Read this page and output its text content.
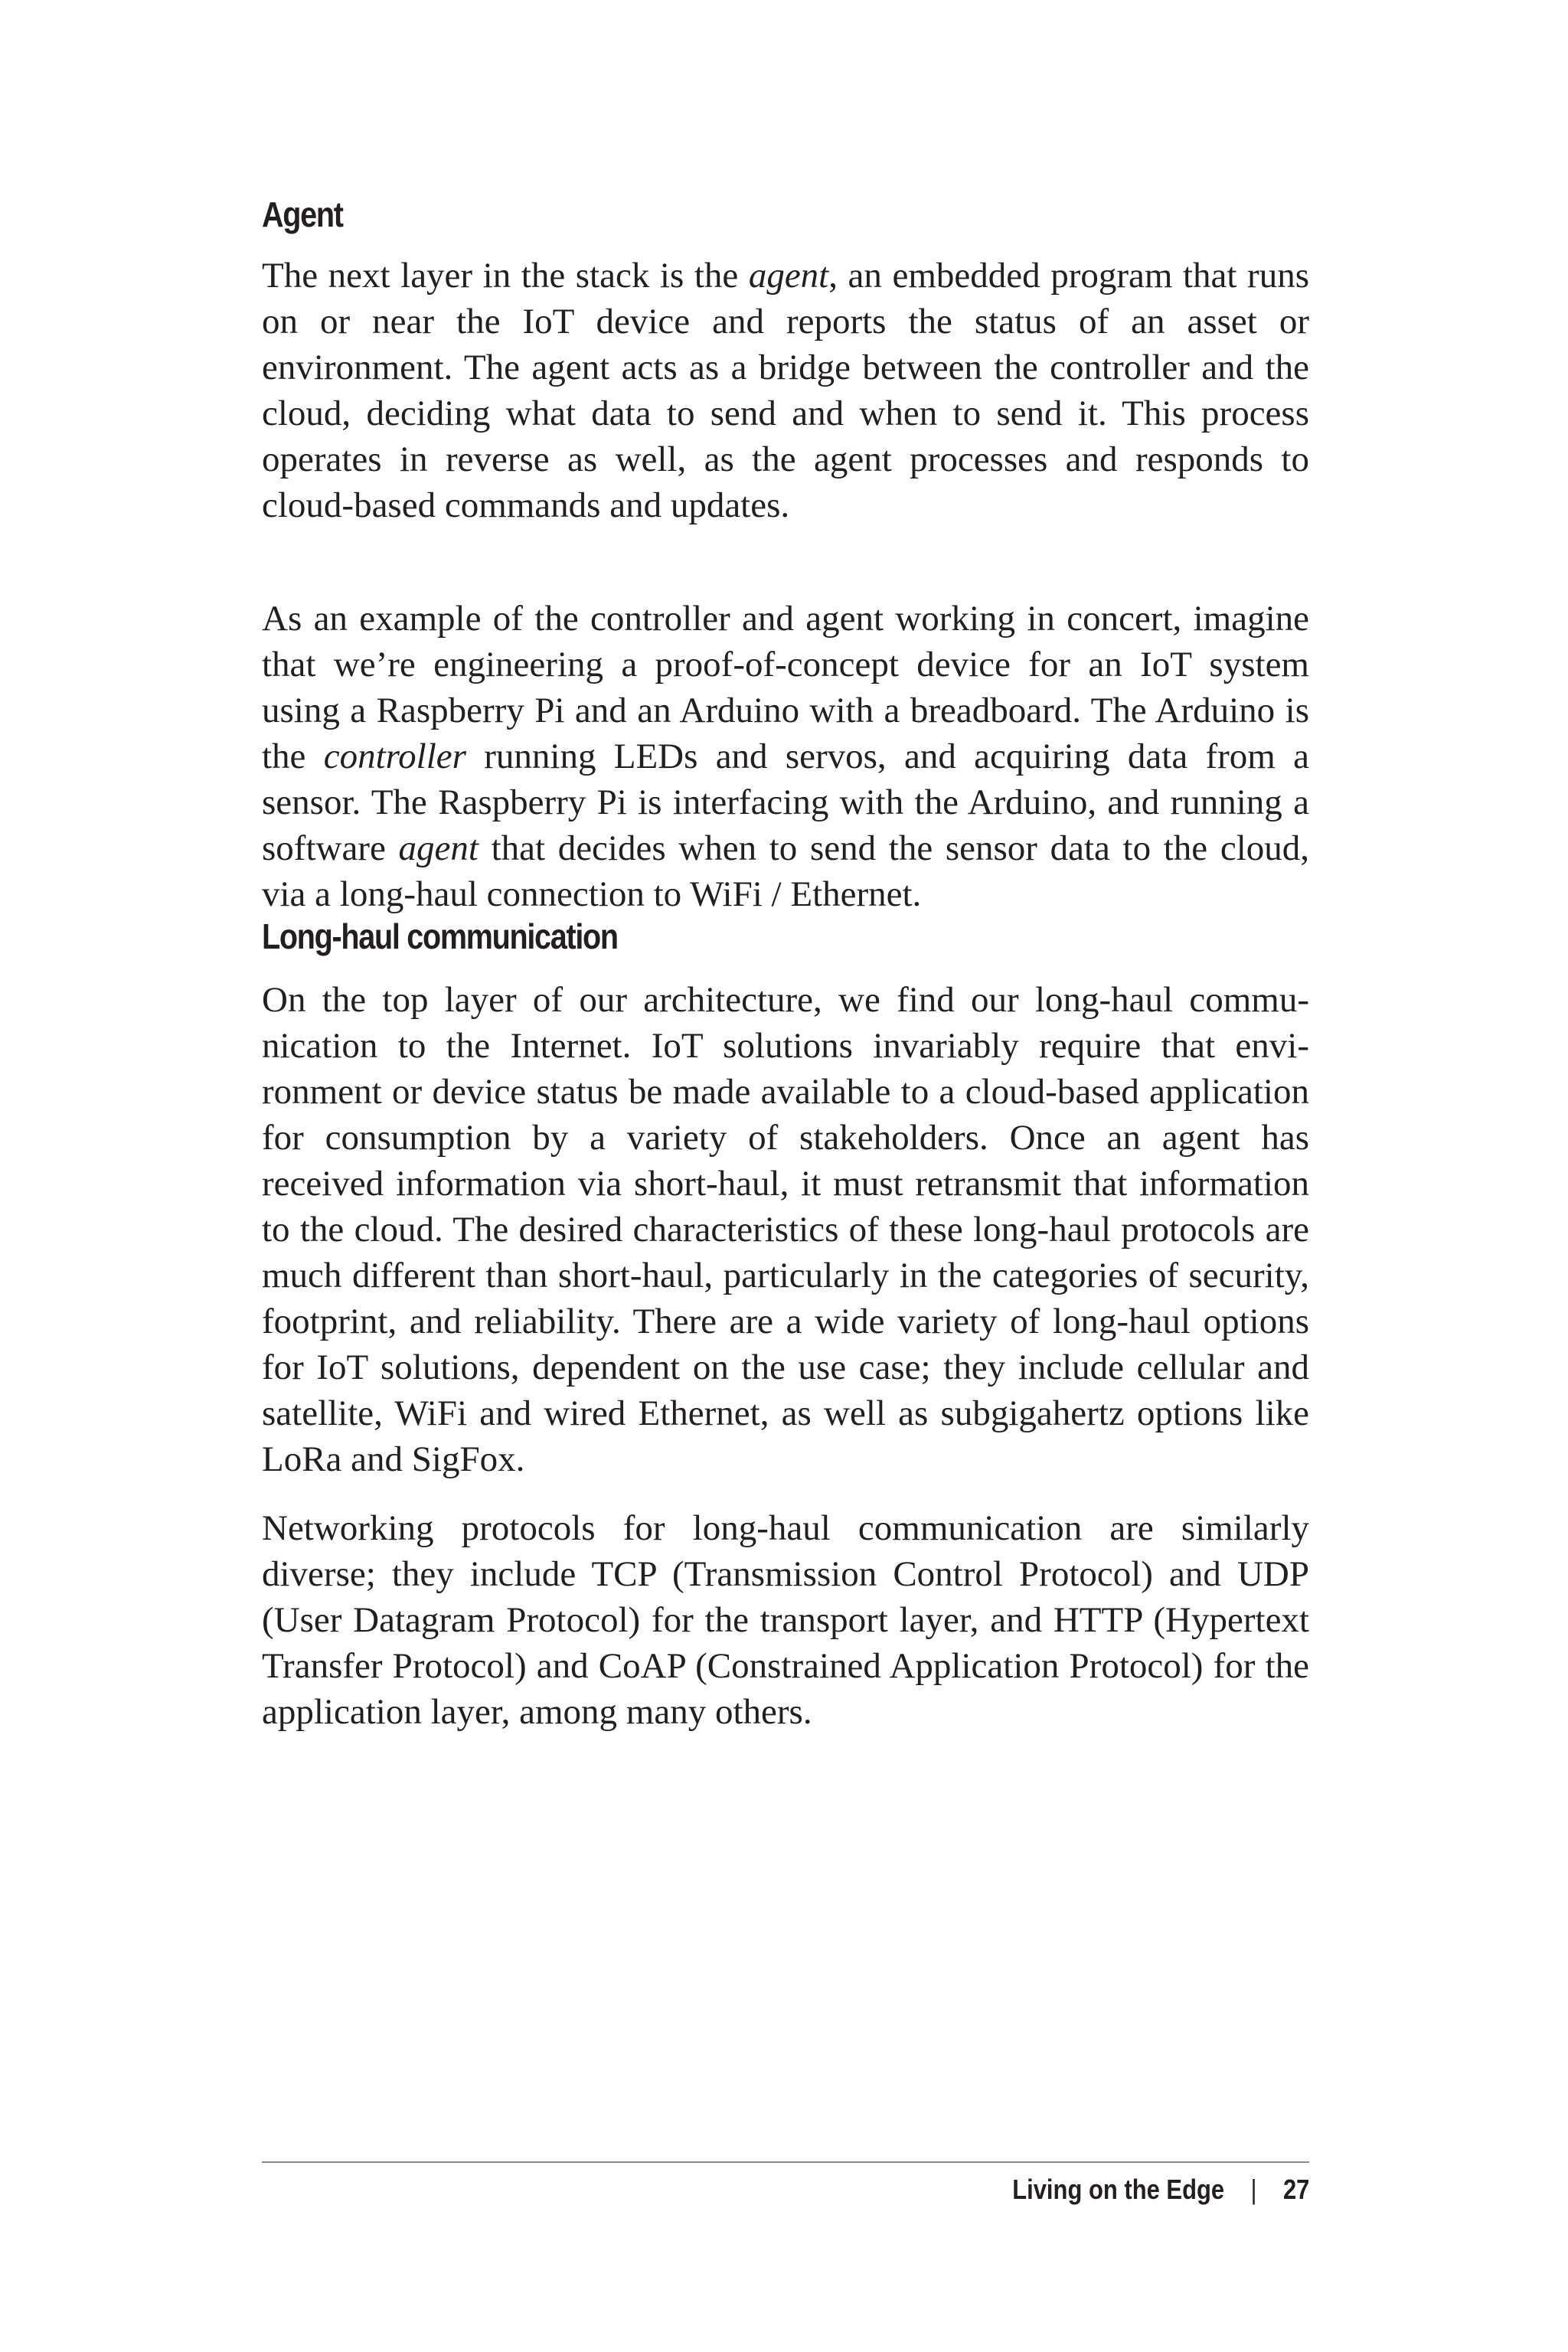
Agent

The next layer in the stack is the agent, an embedded program that runs on or near the IoT device and reports the status of an asset or environment. The agent acts as a bridge between the controller and the cloud, deciding what data to send and when to send it. This process operates in reverse as well, as the agent processes and responds to cloud-based commands and updates.

As an example of the controller and agent working in concert, imagine that we’re engineering a proof-of-concept device for an IoT system using a Raspberry Pi and an Arduino with a breadboard. The Arduino is the controller running LEDs and servos, and acquiring data from a sensor. The Raspberry Pi is interfacing with the Arduino, and running a software agent that decides when to send the sensor data to the cloud, via a long-haul connection to WiFi / Ethernet.

Long-haul communication

On the top layer of our architecture, we find our long-haul communication to the Internet. IoT solutions invariably require that environment or device status be made available to a cloud-based application for consumption by a variety of stakeholders. Once an agent has received information via short-haul, it must retransmit that information to the cloud. The desired characteristics of these long-haul protocols are much different than short-haul, particularly in the categories of security, footprint, and reliability. There are a wide variety of long-haul options for IoT solutions, dependent on the use case; they include cellular and satellite, WiFi and wired Ethernet, as well as subgigahertz options like LoRa and SigFox.

Networking protocols for long-haul communication are similarly diverse; they include TCP (Transmission Control Protocol) and UDP (User Datagram Protocol) for the transport layer, and HTTP (Hypertext Transfer Protocol) and CoAP (Constrained Application Protocol) for the application layer, among many others.

Living on the Edge | 27
